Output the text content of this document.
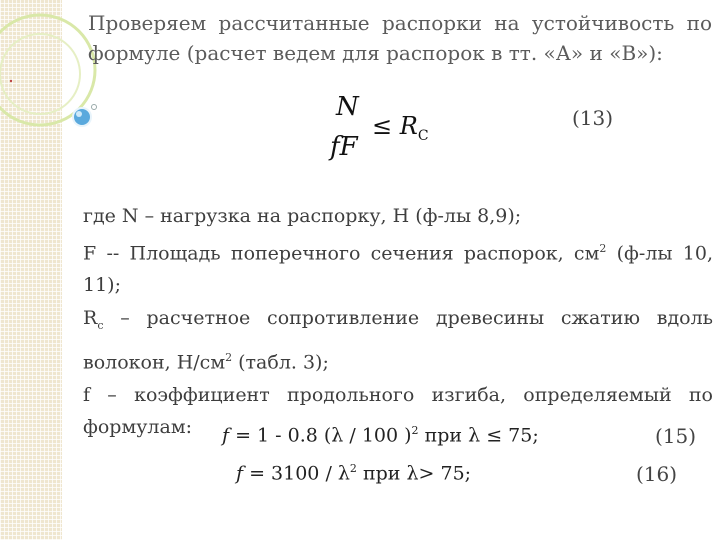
Проверяем рассчитанные распорки на устойчивость по
формуле (расчет ведем для распорок в тт. «А» и «В»):
N
fF
≤ $R_C$
(13)

где N – нагрузка на распорку, Н (ф-лы 8,9);

F -- Площадь поперечного сечения распорок, $см^2$ (ф-лы 10, 11);

$R_c$ – расчетное сопротивление древесины сжатию вдоль

волокон, $Н/см^2$ (табл. 3);

f – коэффициент продольного изгиба, определяемый по

формулам:	f = 1 - 0.8 (λ / 100 )$^2$ при λ ≤ 75;	(15)
$f = 3100 / \lambda^2$ при λ> 75;	(16)
